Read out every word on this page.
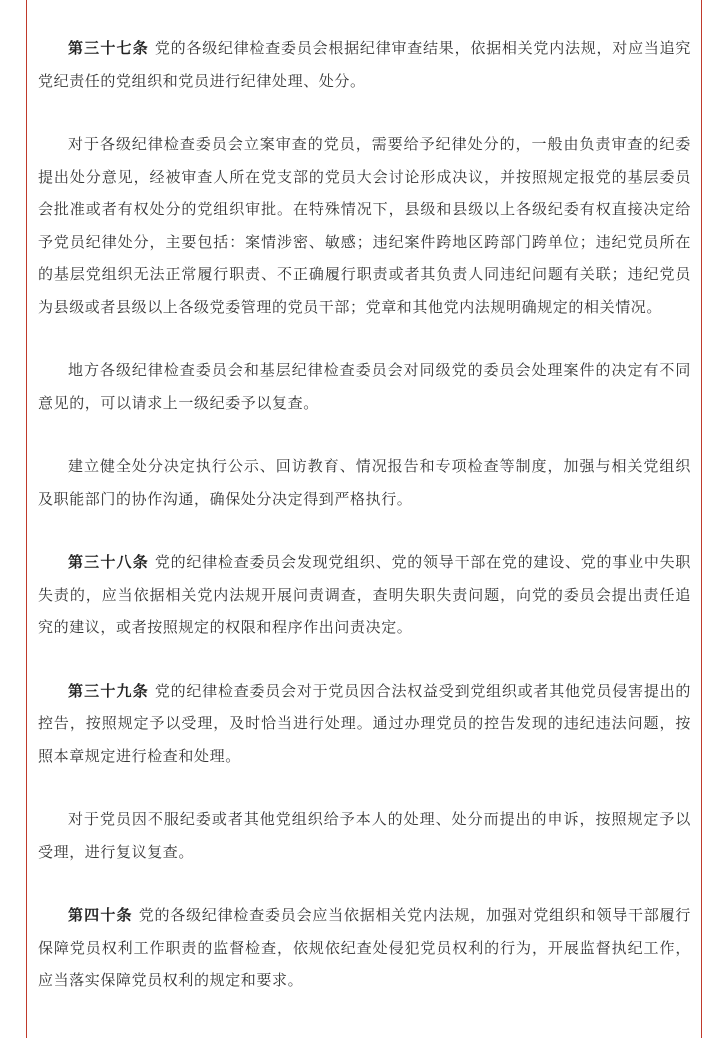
第三十七条 党的各级纪律检查委员会根据纪律审查结果，依据相关党内法规，对应当追究党纪责任的党组织和党员进行纪律处理、处分。

对于各级纪律检查委员会立案审查的党员，需要给予纪律处分的，一般由负责审查的纪委提出处分意见，经被审查人所在党支部的党员大会讨论形成决议，并按照规定报党的基层委员会批准或者有权处分的党组织审批。在特殊情况下，县级和县级以上各级纪委有权直接决定给予党员纪律处分，主要包括：案情涉密、敏感；违纪案件跨地区跨部门跨单位；违纪党员所在的基层党组织无法正常履行职责、不正确履行职责或者其负责人同违纪问题有关联；违纪党员为县级或者县级以上各级党委管理的党员干部；党章和其他党内法规明确规定的相关情况。

地方各级纪律检查委员会和基层纪律检查委员会对同级党的委员会处理案件的决定有不同意见的，可以请求上一级纪委予以复查。

建立健全处分决定执行公示、回访教育、情况报告和专项检查等制度，加强与相关党组织及职能部门的协作沟通，确保处分决定得到严格执行。

第三十八条 党的纪律检查委员会发现党组织、党的领导干部在党的建设、党的事业中失职失责的，应当依据相关党内法规开展问责调查，查明失职失责问题，向党的委员会提出责任追究的建议，或者按照规定的权限和程序作出问责决定。

第三十九条 党的纪律检查委员会对于党员因合法权益受到党组织或者其他党员侵害提出的控告，按照规定予以受理，及时恰当进行处理。通过办理党员的控告发现的违纪违法问题，按照本章规定进行检查和处理。

对于党员因不服纪委或者其他党组织给予本人的处理、处分而提出的申诉，按照规定予以受理，进行复议复查。

第四十条 党的各级纪律检查委员会应当依据相关党内法规，加强对党组织和领导干部履行保障党员权利工作职责的监督检查，依规依纪查处侵犯党员权利的行为，开展监督执纪工作，应当落实保障党员权利的规定和要求。
